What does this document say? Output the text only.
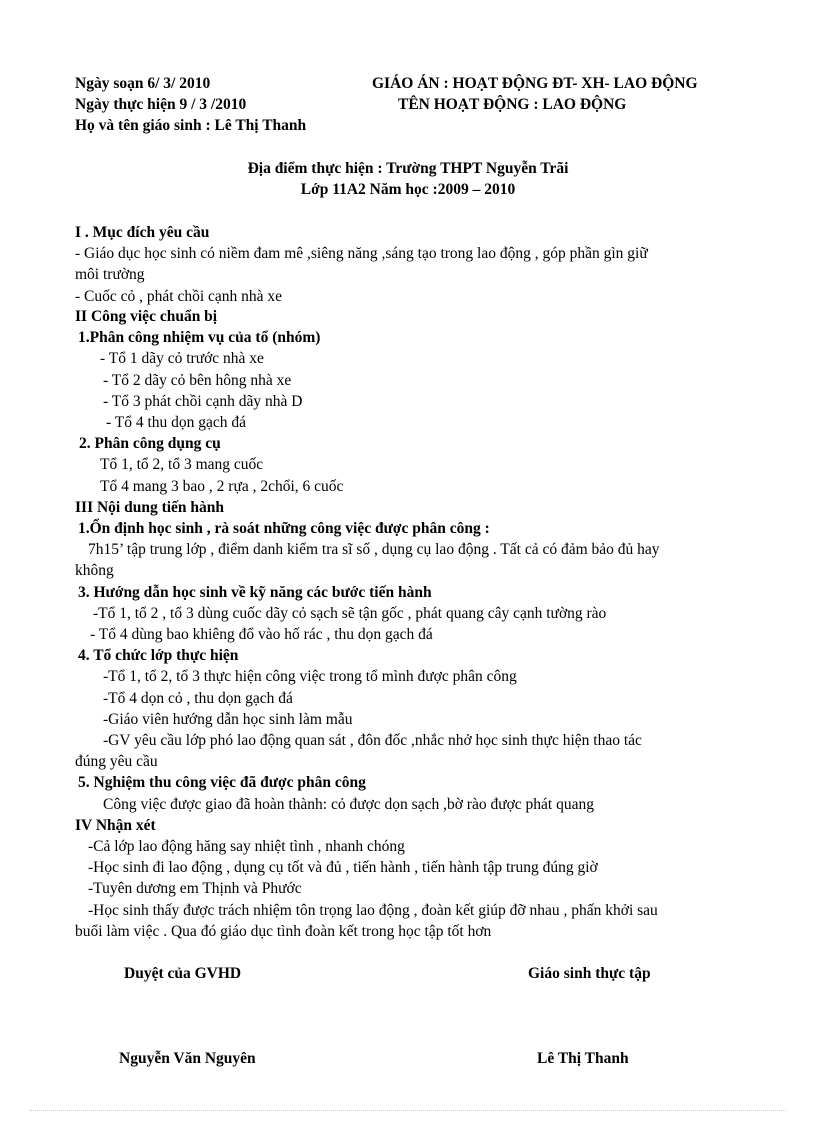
Ngày soạn 6/ 3/ 2010
Ngày thực hiện 9 / 3 /2010
Họ và tên giáo sinh : Lê Thị Thanh
GIÁO ÁN : HOẠT ĐỘNG ĐT- XH- LAO ĐỘNG
TÊN HOẠT ĐỘNG : LAO ĐỘNG
Địa điểm thực hiện : Trường THPT Nguyễn Trãi
Lớp 11A2 Năm học :2009 – 2010
I . Mục đích yêu cầu
- Giáo dục học sinh có niềm đam mê ,siêng năng ,sáng tạo trong lao động , góp phần gìn giữ
môi trường
- Cuốc cỏ , phát chồi cạnh nhà xe
II Công việc chuẩn bị
1.Phân công nhiệm vụ của tổ (nhóm)
- Tổ 1 dãy cỏ trước nhà xe
- Tổ 2 dãy cỏ bên hông nhà xe
- Tổ 3 phát chồi cạnh dãy nhà D
- Tổ 4 thu dọn gạch đá
2. Phân công dụng cụ
Tổ 1, tổ 2, tổ 3 mang cuốc
Tổ 4 mang 3 bao , 2 rựa , 2chổi, 6 cuốc
III Nội dung tiến hành
1.Ổn định học sinh , rà soát những công việc được phân công :
7h15’ tập trung lớp , điểm danh kiểm tra sĩ số , dụng cụ lao động . Tất cả có đảm bảo đủ hay
không
3. Hướng dẫn học sinh về kỹ năng các bước tiến hành
-Tổ 1, tổ 2 , tổ 3 dùng cuốc dãy cỏ sạch sẽ tận gốc , phát quang cây cạnh tường rào
- Tổ 4 dùng bao khiêng đổ vào hố rác , thu dọn gạch đá
4. Tổ chức lớp thực hiện
-Tổ 1, tổ 2, tổ 3 thực hiện công việc trong tổ mình được phân công
-Tổ 4 dọn cỏ , thu dọn gạch đá
-Giáo viên hướng dẫn học sinh làm mẫu
-GV yêu cầu lớp phó lao động quan sát , đôn đốc ,nhắc nhở học sinh thực hiện thao tác
đúng yêu cầu
5. Nghiệm thu công việc đã được phân công
Công việc được giao đã hoàn thành: cỏ được dọn sạch ,bờ rào được phát quang
IV Nhận xét
-Cả lớp lao động hăng say nhiệt tình , nhanh chóng
-Học sinh đi lao động , dụng cụ tốt và đủ , tiến hành , tiến hành tập trung đúng giờ
-Tuyên dương em Thịnh và Phước
-Học sinh thấy được trách nhiệm tôn trọng lao động , đoàn kết giúp đỡ nhau , phấn khởi sau
buổi làm việc . Qua đó giáo dục tình đoàn kết trong học tập tốt hơn
Duyệt của GVHD	Giáo sinh thực tập
Nguyễn Văn Nguyên	Lê Thị Thanh
